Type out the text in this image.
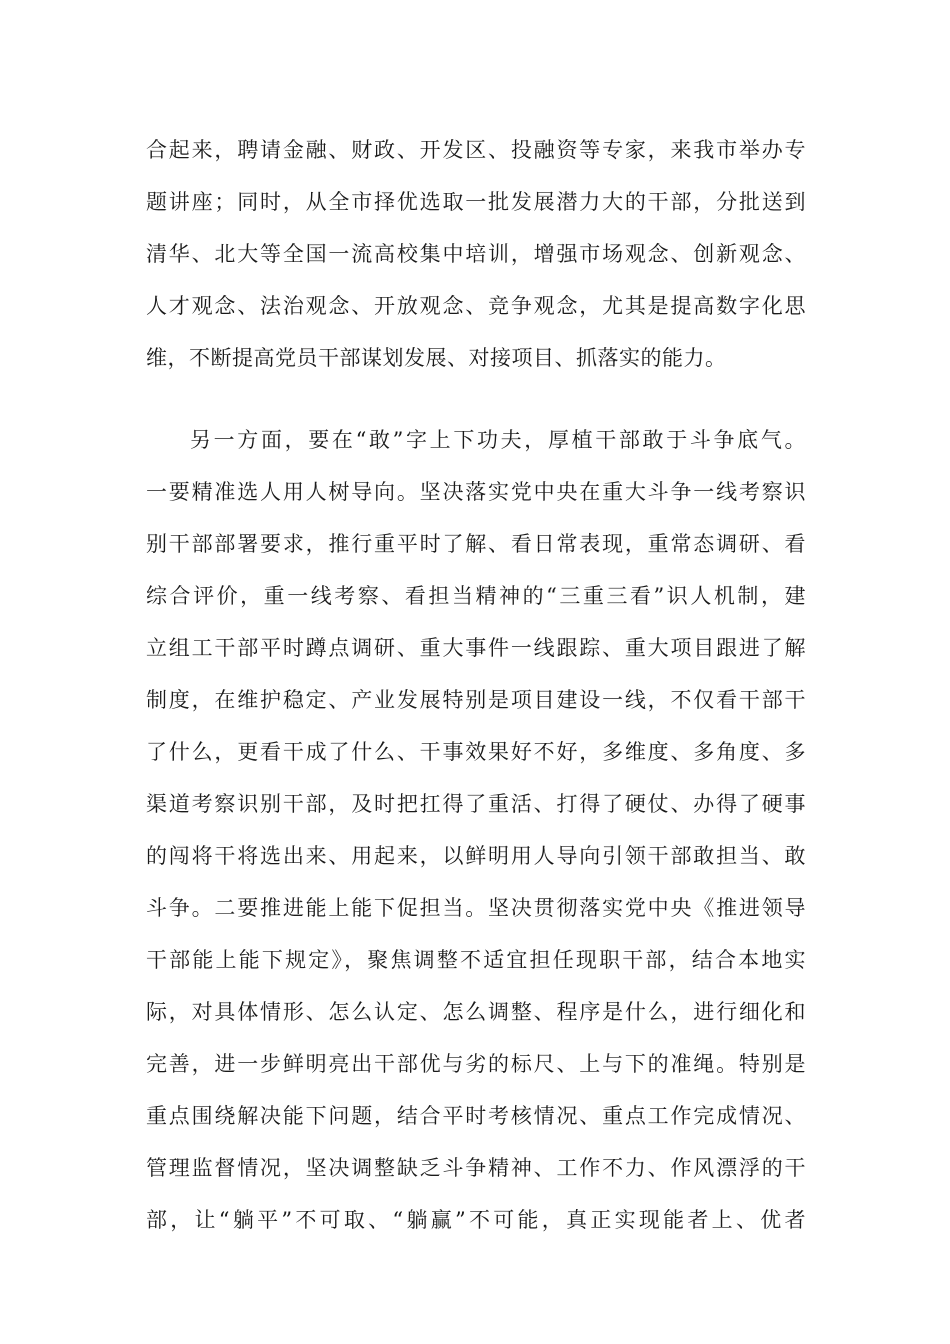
合起来，聘请金融、财政、开发区、投融资等专家，来我市举办专
题讲座；同时，从全市择优选取一批发展潜力大的干部，分批送到
清华、北大等全国一流高校集中培训，增强市场观念、创新观念、
人才观念、法治观念、开放观念、竞争观念，尤其是提高数字化思
维，不断提高党员干部谋划发展、对接项目、抓落实的能力。
另一方面，要在“敢”字上下功夫，厚植干部敢于斗争底气。
一要精准选人用人树导向。坚决落实党中央在重大斗争一线考察识
别干部部署要求，推行重平时了解、看日常表现，重常态调研、看
综合评价，重一线考察、看担当精神的“三重三看”识人机制，建
立组工干部平时蹲点调研、重大事件一线跟踪、重大项目跟进了解
制度，在维护稳定、产业发展特别是项目建设一线，不仅看干部干
了什么，更看干成了什么、干事效果好不好，多维度、多角度、多
渠道考察识别干部，及时把扛得了重活、打得了硬仗、办得了硬事
的闯将干将选出来、用起来，以鲜明用人导向引领干部敢担当、敢
斗争。二要推进能上能下促担当。坚决贯彻落实党中央《推进领导
干部能上能下规定》，聚焦调整不适宜担任现职干部，结合本地实
际，对具体情形、怎么认定、怎么调整、程序是什么，进行细化和
完善，进一步鲜明亮出干部优与劣的标尺、上与下的准绳。特别是
重点围绕解决能下问题，结合平时考核情况、重点工作完成情况、
管理监督情况，坚决调整缺乏斗争精神、工作不力、作风漂浮的干
部，让“躺平”不可取、“躺赢”不可能，真正实现能者上、优者
